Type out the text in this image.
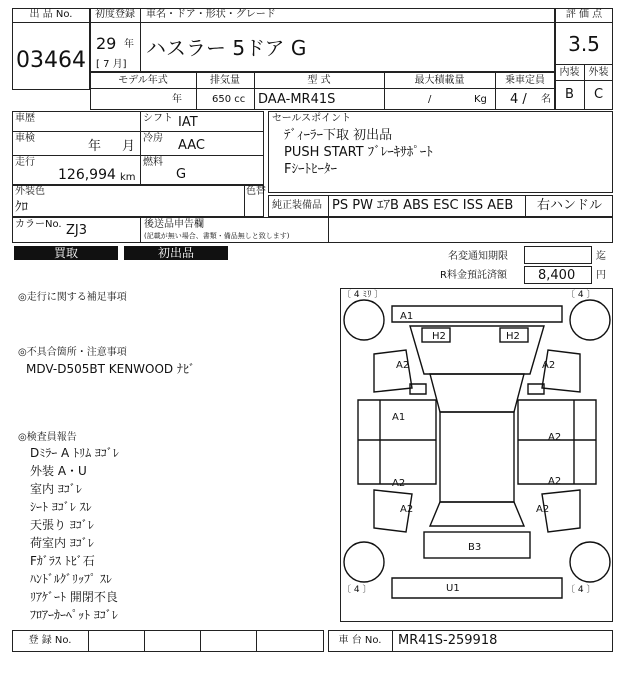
出 品 No.
03464
初度登録 車名・ドア・形状・グレード
29 年
[ 7 月]
ハスラー 5ドア G
評 価 点
3.5
内装 外装
B	C
モデル年式	排気量	型 式	最大積載量	乗車定員
年	650 cc DAA-MR41S	/	Kg 4 / 名
車歴	シフト IAT
車検
年 月
冷房 AAC
走行
126,994 km
燃料
G
セールスポイント
ﾃﾞｨｰﾗｰ下取 初出品
PUSH START ﾌﾞﾚｰｷｻﾎﾟｰﾄ
Fｼｰﾄﾋｰﾀｰ
外装色
ｸﾛ
色替
純正装備品 PS PW ｴｱB ABS ESC ISS AEB 右ハンドル
カラーNo. ZJ3	後送品申告欄
(記載が無い場合、書類・備品無しと致します)
買取	初出品	名変通知期限	迄
R料金預託済額 8,400 円
◎走行に関する補足事項
◎不具合箇所・注意事項
MDV-D505BT KENWOOD ﾅﾋﾞ
◎検査員報告
Dﾐﾗｰ A ﾄﾘﾑ ﾖｺﾞﾚ
外装 A・U
室内 ﾖｺﾞﾚ
ｼｰﾄ ﾖｺﾞﾚ ｽﾚ
天張り ﾖｺﾞﾚ
荷室内 ﾖｺﾞﾚ
Fｶﾞﾗｽ ﾄﾋﾞ石
ﾊﾝﾄﾞﾙｸﾞﾘｯﾌﾟ ｽﾚ
ﾘｱｹﾞｰﾄ 開閉不良
ﾌﾛｱｰｶｰﾍﾟｯﾄ ﾖｺﾞﾚ
〔 4 ﾐﾘ 〕	〔 4 〕
〔 4 〕	〔 4 〕
A1
H2	H2
A2	A2
A1
A2
A2	A2
A2	A2
B3
U1
登 録 No.	車 台 No.	MR41S-259918
